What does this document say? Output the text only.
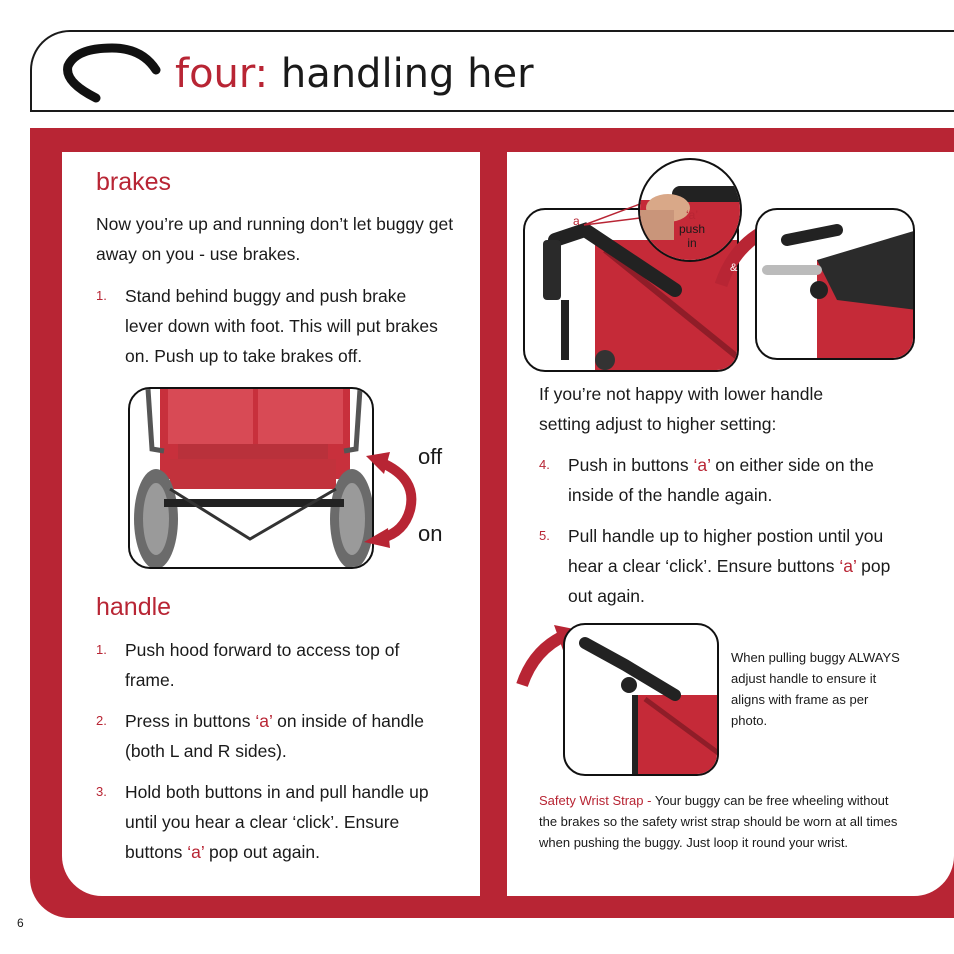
four: handling her
brakes
Now you’re up and running don’t let buggy get away on you - use brakes.
1. Stand behind buggy and push brake lever down with foot. This will put brakes on. Push up to take brakes off.
off
on
handle
1. Push hood forward to access top of frame.
2. Press in buttons ‘a’ on inside of handle (both L and R sides).
3. Hold both buttons in and pull handle up until you hear a clear ‘click’. Ensure buttons ‘a’ pop out again.
a	‘a’
push
in
&
If you’re not happy with lower handle setting adjust to higher setting:
4. Push in buttons ‘a’ on either side on the inside of the handle again.
5. Pull handle up to higher postion until you hear a clear ‘click’. Ensure buttons ‘a’ pop out again.
When pulling buggy ALWAYS adjust handle to ensure it aligns with frame as per photo.
Safety Wrist Strap - Your buggy can be free wheeling without the brakes so the safety wrist strap should be worn at all times when pushing the buggy. Just loop it round your wrist.
6
